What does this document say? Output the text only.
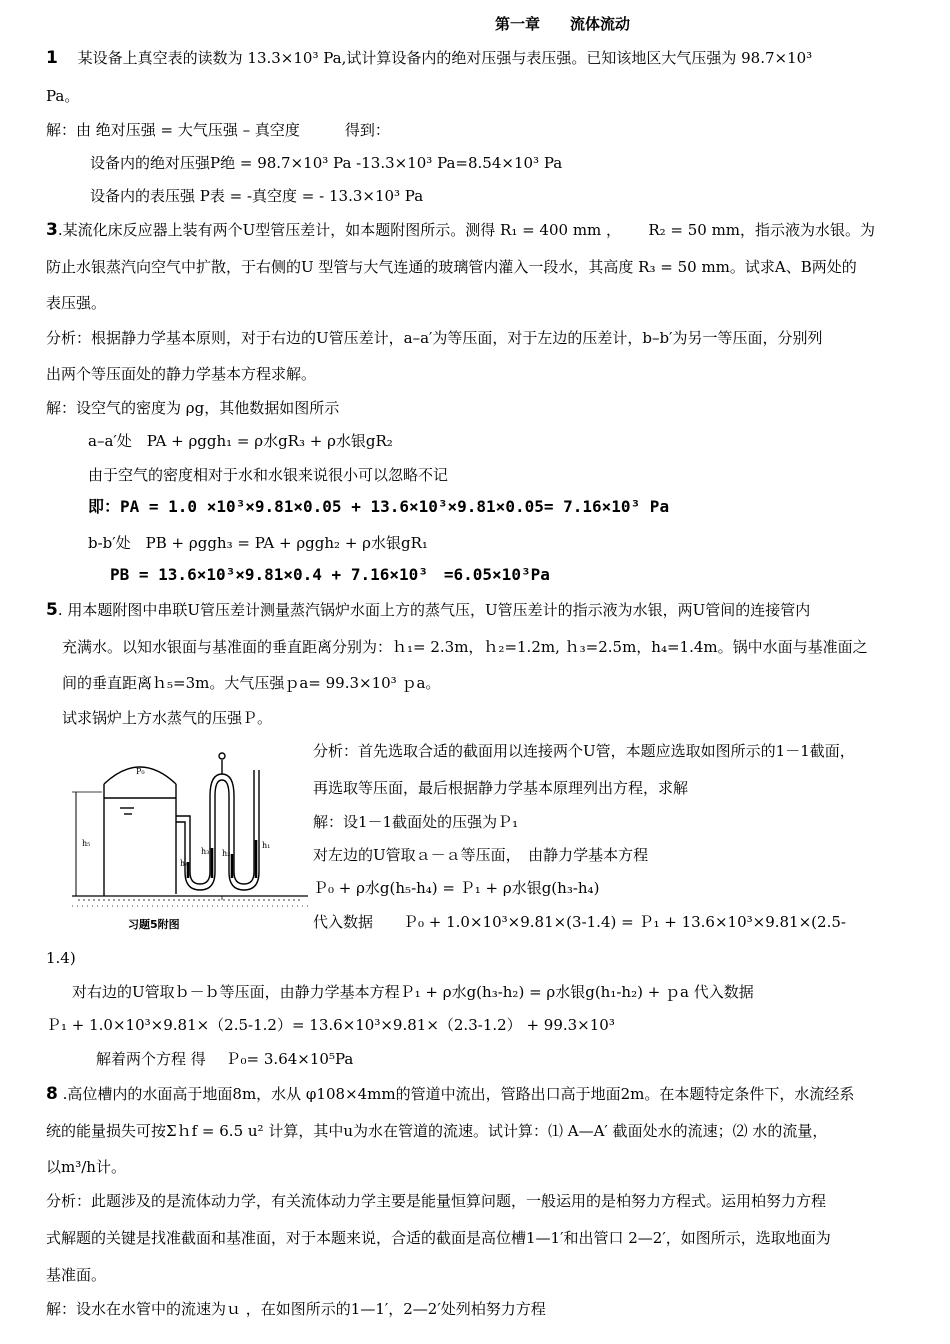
第一章　　流体流动
1　 某设备上真空表的读数为 13.3×10³ Pa,试计算设备内的绝对压强与表压强。已知该地区大气压强为 98.7×10³
Pa。
解：由 绝对压强 = 大气压强 – 真空度　　　得到：
设备内的绝对压强P绝 = 98.7×10³ Pa -13.3×10³ Pa=8.54×10³ Pa
设备内的表压强 P表 = -真空度 = - 13.3×10³ Pa
3.某流化床反应器上装有两个U型管压差计，如本题附图所示。测得 R₁ = 400 mm ，　　 R₂ = 50 mm，指示液为水银。为
防止水银蒸汽向空气中扩散，于右侧的U 型管与大气连通的玻璃管内灌入一段水，其高度 R₃ = 50 mm。试求A、B两处的
表压强。
分析：根据静力学基本原则，对于右边的U管压差计，a–a′为等压面，对于左边的压差计，b–b′为另一等压面，分别列
出两个等压面处的静力学基本方程求解。
解：设空气的密度为 ρg，其他数据如图所示
a–a′处　PA + ρggh₁ = ρ水gR₃ + ρ水银gR₂
由于空气的密度相对于水和水银来说很小可以忽略不记
即：PA = 1.0 ×10³×9.81×0.05 + 13.6×10³×9.81×0.05= 7.16×10³ Pa
b-b′处　PB + ρggh₃ = PA + ρggh₂ + ρ水银gR₁
PB = 13.6×10³×9.81×0.4 + 7.16×10³　=6.05×10³Pa
5. 用本题附图中串联U管压差计测量蒸汽锅炉水面上方的蒸气压，U管压差计的指示液为水银，两U管间的连接管内
充满水。以知水银面与基准面的垂直距离分别为：ｈ₁= 2.3m，ｈ₂=1.2m, ｈ₃=2.5m，h₄=1.4m。锅中水面与基准面之
间的垂直距离ｈ₅=3m。大气压强ｐa= 99.3×10³ ｐa。
试求锅炉上方水蒸气的压强Ｐ。
P₀
h₅
h₄
h₃ h₂
h₁
习题5附图
分析：首先选取合适的截面用以连接两个U管，本题应选取如图所示的1－1截面，
再选取等压面，最后根据静力学基本原理列出方程，求解
解：设1－1截面处的压强为Ｐ₁
对左边的U管取ａ－ａ等压面，　由静力学基本方程
Ｐ₀ + ρ水g(h₅-h₄) = Ｐ₁ + ρ水银g(h₃-h₄)
代入数据　　Ｐ₀ + 1.0×10³×9.81×(3-1.4) = Ｐ₁ + 13.6×10³×9.81×(2.5-
1.4)
对右边的U管取ｂ－ｂ等压面，由静力学基本方程Ｐ₁ + ρ水g(h₃-h₂) = ρ水银g(h₁-h₂) + ｐa 代入数据
Ｐ₁ + 1.0×10³×9.81×（2.5-1.2）= 13.6×10³×9.81×（2.3-1.2） + 99.3×10³
解着两个方程 得　 Ｐ₀= 3.64×10⁵Pa
8 .高位槽内的水面高于地面8m，水从 φ108×4mm的管道中流出，管路出口高于地面2m。在本题特定条件下，水流经系
统的能量损失可按Σｈf = 6.5 u² 计算，其中u为水在管道的流速。试计算：⑴ A—A′ 截面处水的流速；⑵ 水的流量，
以m³/h计。
分析：此题涉及的是流体动力学，有关流体动力学主要是能量恒算问题，一般运用的是柏努力方程式。运用柏努力方程
式解题的关键是找准截面和基准面，对于本题来说，合适的截面是高位槽1—1′和出管口 2—2′，如图所示，选取地面为
基准面。
解：设水在水管中的流速为ｕ ，在如图所示的1—1′，2—2′处列柏努力方程
